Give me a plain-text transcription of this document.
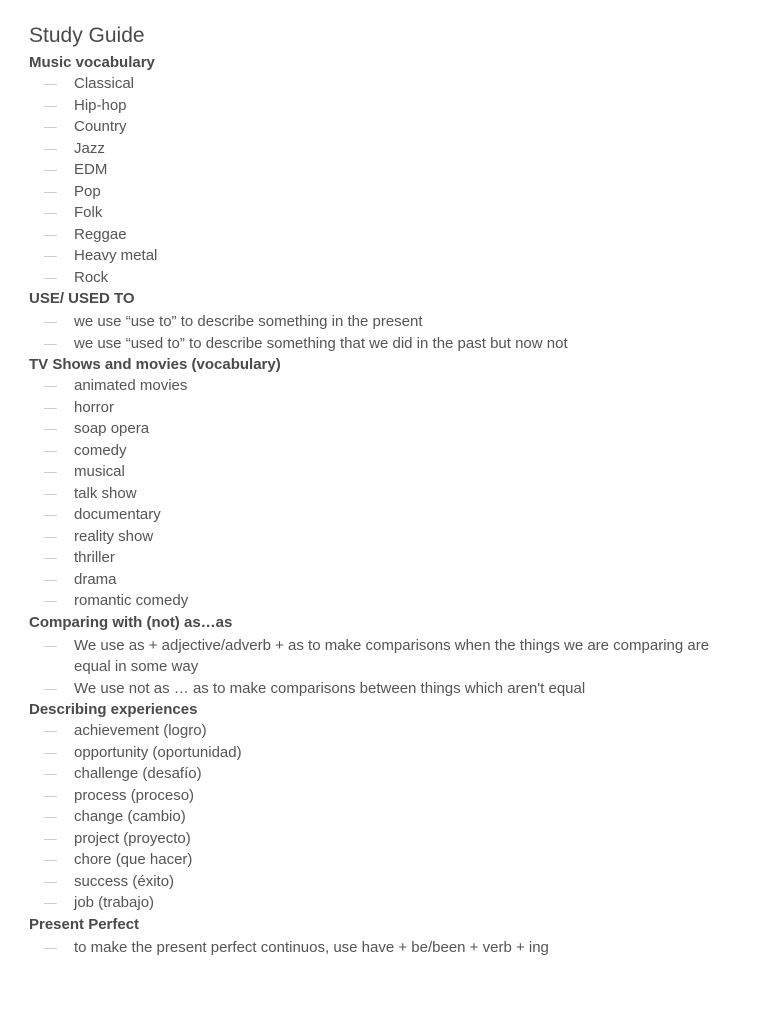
Study Guide
Music vocabulary
— Classical
— Hip-hop
— Country
— Jazz
— EDM
— Pop
— Folk
— Reggae
— Heavy metal
— Rock
USE/ USED TO
— we use “use to” to describe something in the present
— we use “used to” to describe something that we did in the past but now not
TV Shows and movies (vocabulary)
— animated movies
— horror
— soap opera
— comedy
— musical
— talk show
— documentary
— reality show
— thriller
— drama
— romantic comedy
Comparing with (not) as…as
— We use as + adjective/adverb + as to make comparisons when the things we are comparing are equal in some way
— We use not as … as to make comparisons between things which aren't equal
Describing experiences
— achievement (logro)
— opportunity (oportunidad)
— challenge (desafío)
— process (proceso)
— change (cambio)
— project (proyecto)
— chore (que hacer)
— success (éxito)
— job (trabajo)
Present Perfect
— to make the present perfect continuos, use have + be/been + verb + ing
